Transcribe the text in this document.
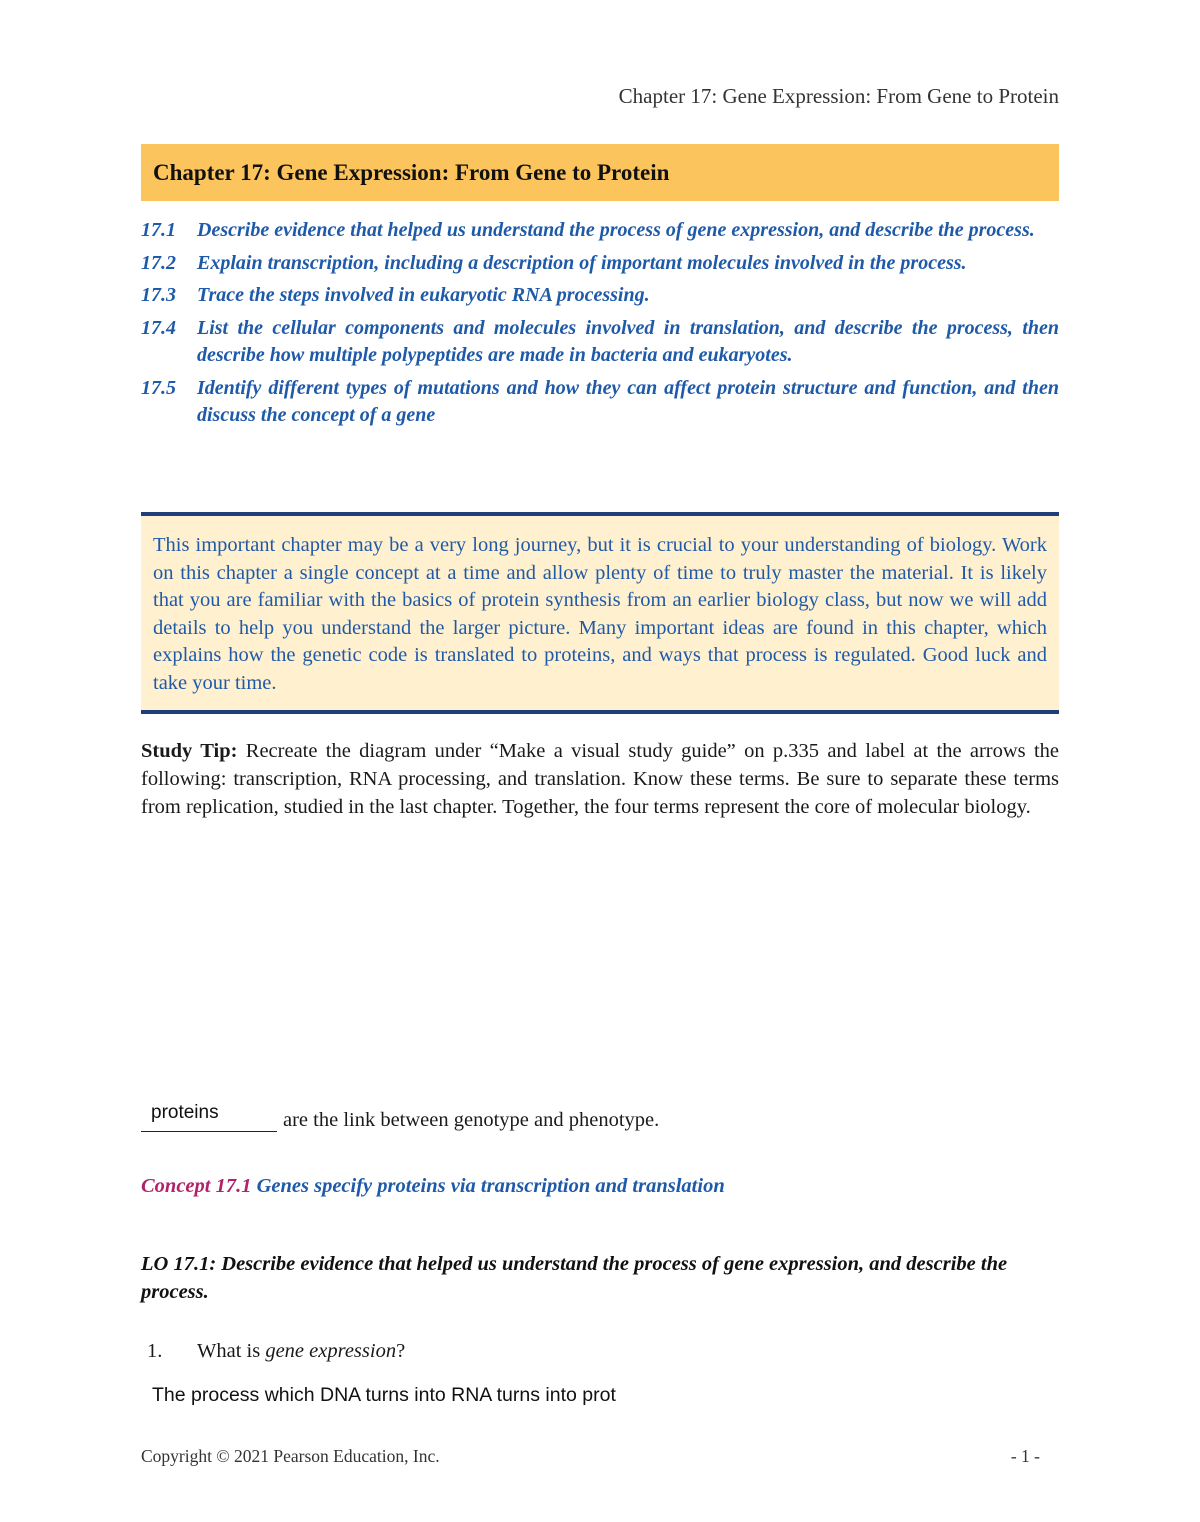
Chapter 17: Gene Expression: From Gene to Protein
Chapter 17: Gene Expression: From Gene to Protein
17.1	Describe evidence that helped us understand the process of gene expression, and describe the process.
17.2	Explain transcription, including a description of important molecules involved in the process.
17.3	Trace the steps involved in eukaryotic RNA processing.
17.4	List the cellular components and molecules involved in translation, and describe the process, then describe how multiple polypeptides are made in bacteria and eukaryotes.
17.5	Identify different types of mutations and how they can affect protein structure and function, and then discuss the concept of a gene

This important chapter may be a very long journey, but it is crucial to your understanding of biology. Work on this chapter a single concept at a time and allow plenty of time to truly master the material. It is likely that you are familiar with the basics of protein synthesis from an earlier biology class, but now we will add details to help you understand the larger picture. Many important ideas are found in this chapter, which explains how the genetic code is translated to proteins, and ways that process is regulated. Good luck and take your time.

Study Tip: Recreate the diagram under “Make a visual study guide” on p.335 and label at the arrows the following: transcription, RNA processing, and translation. Know these terms. Be sure to separate these terms from replication, studied in the last chapter. Together, the four terms represent the core of molecular biology.

proteins	are the link between genotype and phenotype.
Concept 17.1 Genes specify proteins via transcription and translation

LO 17.1: Describe evidence that helped us understand the process of gene expression, and describe the process.

1. What is gene expression?
The process which DNA turns into RNA turns into prot
Copyright © 2021 Pearson Education, Inc.	- 1 -
